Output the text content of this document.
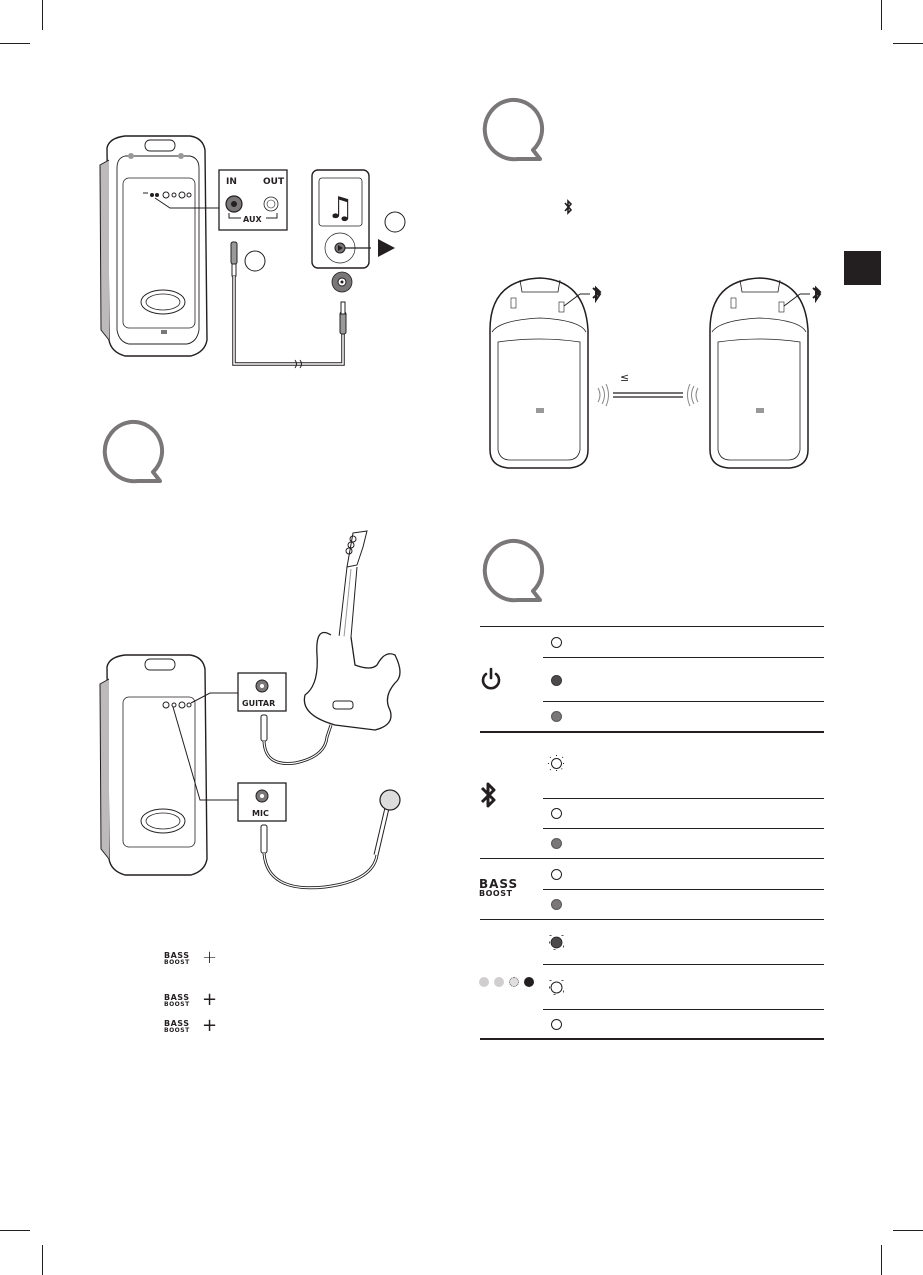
♫
IN	OUT
AUX
≤
GUITAR
MIC
BASS
BOOST +
BASS
BOOST +
BASS
BOOST +
BASS
BOOST
